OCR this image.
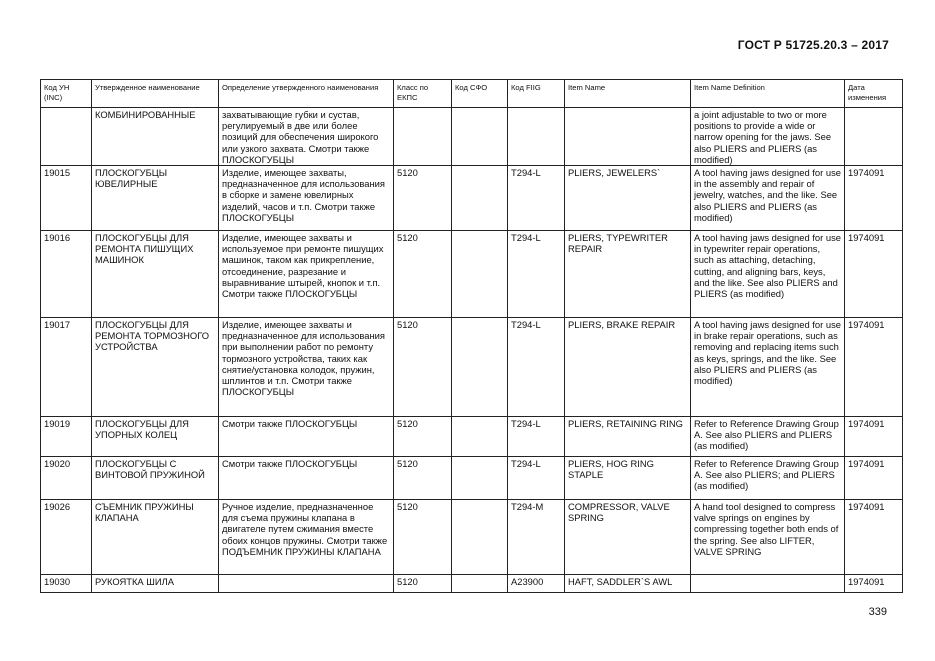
ГОСТ Р 51725.20.3 – 2017
Код УН (INC)	Утвержденное наименование	Определение утвержденного наименования	Класс по ЕКПС	Код СФО	Код FIIG	Item Name	Item Name Definition	Дата изменения
	КОМБИНИРОВАННЫЕ	захватывающие губки и сустав, регулируемый в две или более позиций для обеспечения широкого или узкого захвата. Смотри также ПЛОСКОГУБЦЫ					a joint adjustable to two or more positions to provide a wide or narrow opening for the jaws. See also PLIERS and PLIERS (as modified)	
19015	ПЛОСКОГУБЦЫ ЮВЕЛИРНЫЕ	Изделие, имеющее захваты, предназначенное для использования в сборке и замене ювелирных изделий, часов и т.п. Смотри также ПЛОСКОГУБЦЫ	5120		T294-L	PLIERS, JEWELERS`	A tool having jaws designed for use in the assembly and repair of jewelry, watches, and the like. See also PLIERS and PLIERS (as modified)	1974091
19016	ПЛОСКОГУБЦЫ ДЛЯ РЕМОНТА ПИШУЩИХ МАШИНОК	Изделие, имеющее захваты и используемое при ремонте пишущих машинок, таком как прикрепление, отсоединение, разрезание и выравнивание штырей, кнопок и т.п. Смотри также ПЛОСКОГУБЦЫ	5120		T294-L	PLIERS, TYPEWRITER REPAIR	A tool having jaws designed for use in typewriter repair operations, such as attaching, detaching, cutting, and aligning bars, keys, and the like. See also PLIERS and PLIERS (as modified)	1974091
19017	ПЛОСКОГУБЦЫ ДЛЯ РЕМОНТА ТОРМОЗНОГО УСТРОЙСТВА	Изделие, имеющее захваты и предназначенное для использования при выполнении работ по ремонту тормозного устройства, таких как снятие/установка колодок, пружин, шплинтов и т.п. Смотри также ПЛОСКОГУБЦЫ	5120		T294-L	PLIERS, BRAKE REPAIR	A tool having jaws designed for use in brake repair operations, such as removing and replacing items such as keys, springs, and the like. See also PLIERS and PLIERS (as modified)	1974091
19019	ПЛОСКОГУБЦЫ ДЛЯ УПОРНЫХ КОЛЕЦ	Смотри также ПЛОСКОГУБЦЫ	5120		T294-L	PLIERS, RETAINING RING	Refer to Reference Drawing Group A. See also PLIERS and PLIERS (as modified)	1974091
19020	ПЛОСКОГУБЦЫ С ВИНТОВОЙ ПРУЖИНОЙ	Смотри также ПЛОСКОГУБЦЫ	5120		T294-L	PLIERS, HOG RING STAPLE	Refer to Reference Drawing Group A. See also PLIERS; and PLIERS (as modified)	1974091
19026	СЪЕМНИК ПРУЖИНЫ КЛАПАНА	Ручное изделие, предназначенное для съема пружины клапана в двигателе путем сжимания вместе обоих концов пружины. Смотри также ПОДЪЕМНИК ПРУЖИНЫ КЛАПАНА	5120		T294-M	COMPRESSOR, VALVE SPRING	A hand tool designed to compress valve springs on engines by compressing together both ends of the spring. See also LIFTER, VALVE SPRING	1974091
19030	РУКОЯТКА ШИЛА		5120		A23900	HAFT, SADDLER`S AWL		1974091
339
